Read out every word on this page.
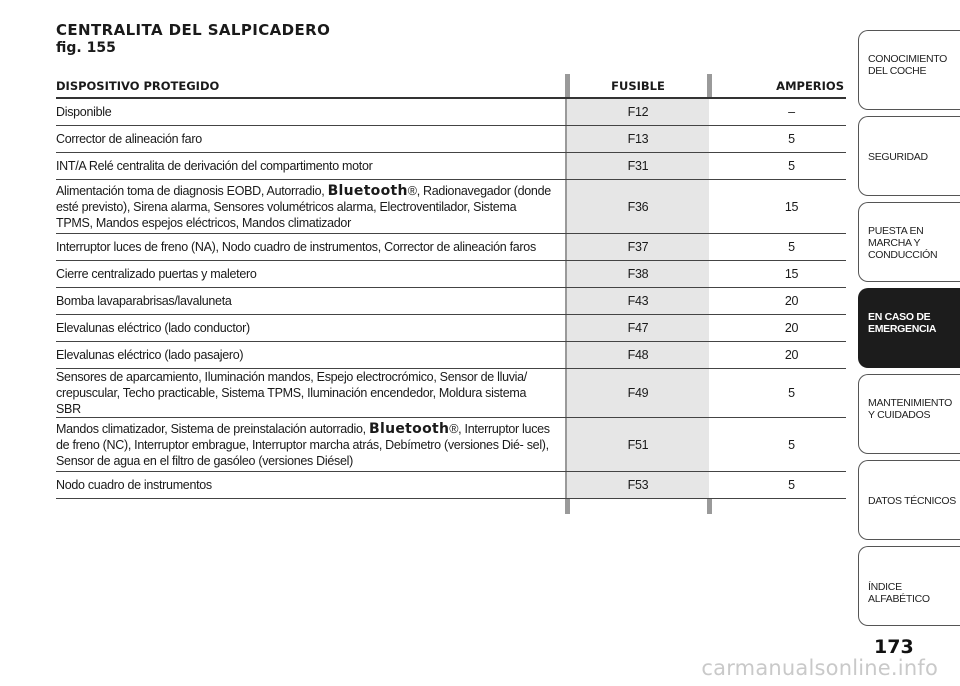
CENTRALITA DEL SALPICADERO
fig. 155
DISPOSITIVO PROTEGIDO	FUSIBLE	AMPERIOS
Disponible	F12	–
Corrector de alineación faro	F13	5
INT/A Relé centralita de derivación del compartimento motor	F31	5
Alimentación toma de diagnosis EOBD, Autorradio, Bluetooth®, Radionavegador (donde esté previsto), Sirena alarma, Sensores volumétricos alarma, Electroventilador, Sistema TPMS, Mandos espejos eléctricos, Mandos climatizador	F36	15
Interruptor luces de freno (NA), Nodo cuadro de instrumentos, Corrector de alineación faros	F37	5
Cierre centralizado puertas y maletero	F38	15
Bomba lavaparabrisas/lavaluneta	F43	20
Elevalunas eléctrico (lado conductor)	F47	20
Elevalunas eléctrico (lado pasajero)	F48	20
Sensores de aparcamiento, Iluminación mandos, Espejo electrocrómico, Sensor de lluvia/ crepuscular, Techo practicable, Sistema TPMS, Iluminación encendedor, Moldura sistema SBR	F49	5
Mandos climatizador, Sistema de preinstalación autorradio, Bluetooth®, Interruptor luces de freno (NC), Interruptor embrague, Interruptor marcha atrás, Debímetro (versiones Dié- sel), Sensor de agua en el filtro de gasóleo (versiones Diésel)	F51	5
Nodo cuadro de instrumentos	F53	5
CONOCIMIENTO DEL COCHE
SEGURIDAD
PUESTA EN MARCHA Y CONDUCCIÓN
EN CASO DE EMERGENCIA
MANTENIMIENTO Y CUIDADOS
DATOS TÉCNICOS
ÍNDICE ALFABÉTICO
173
carmanualsonline.info
